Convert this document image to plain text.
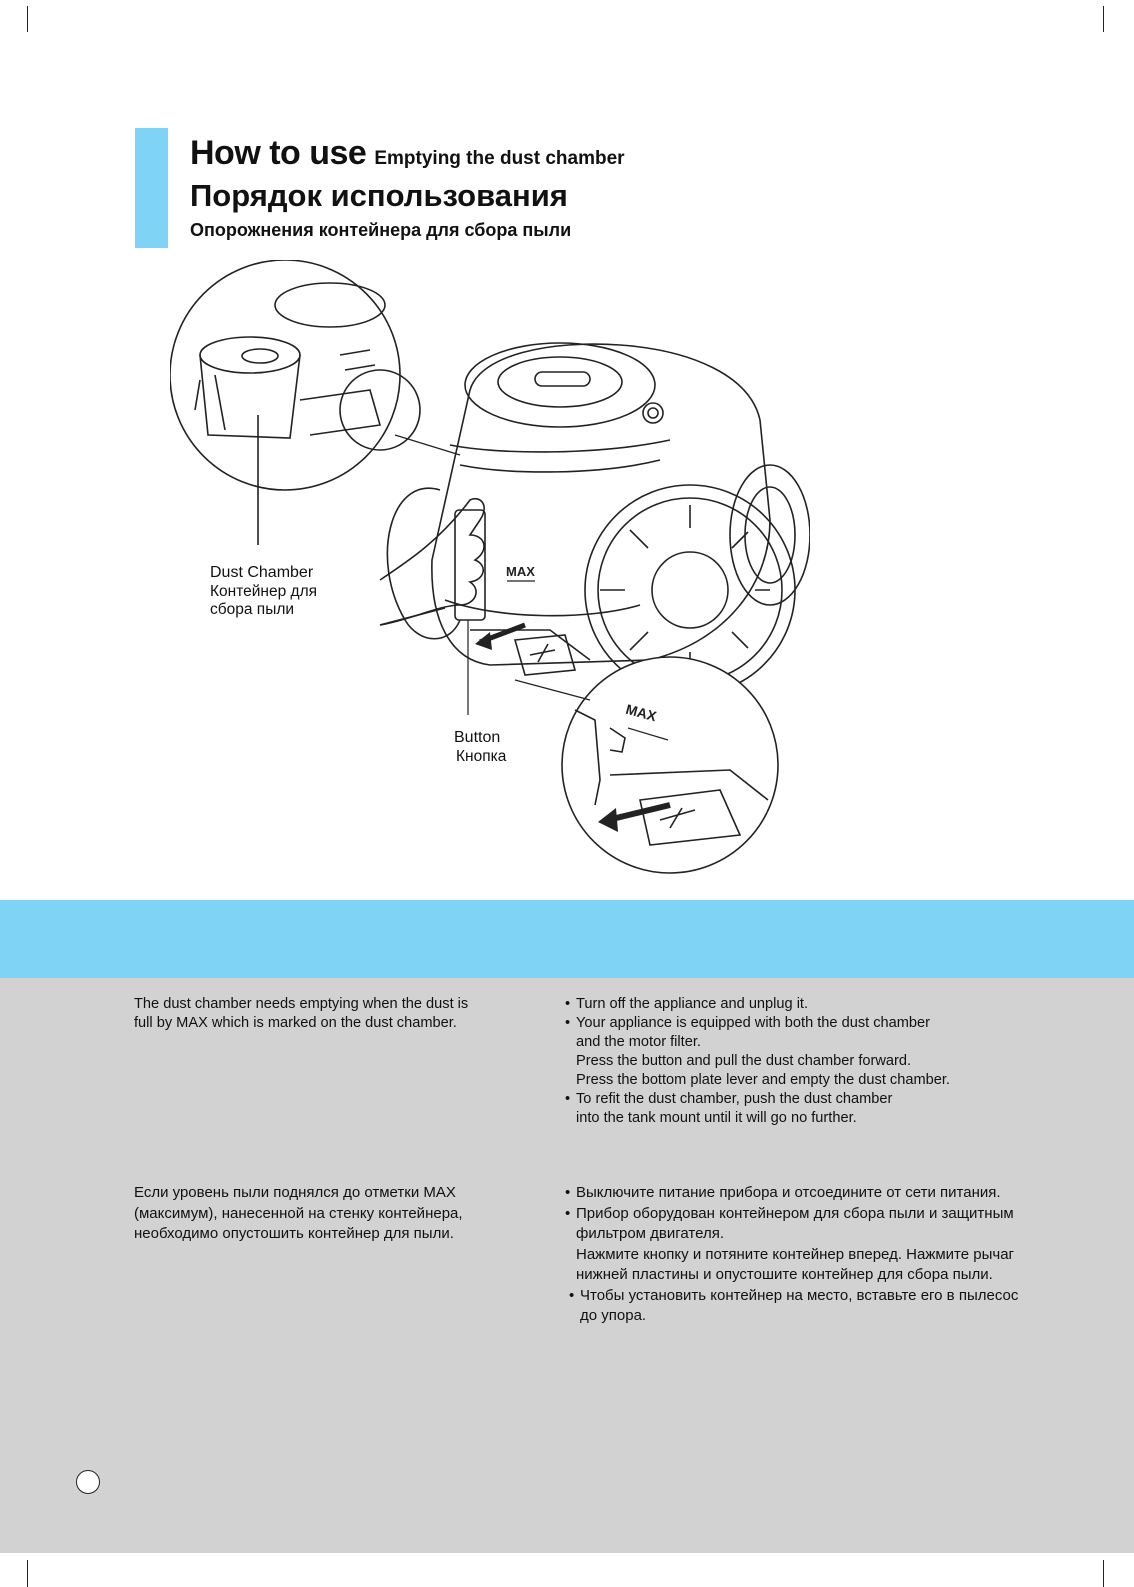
How to use Emptying the dust chamber
Порядок использования
Опорожнения контейнера для сбора пыли
MAX
MAX
Dust Chamber
Контейнер для
сбора пыли
Button
Кнопка

The dust chamber needs emptying when the dust is

full by MAX which is marked on the dust chamber.

• Turn off the appliance and unplug it.

• Your appliance is equipped with both the dust chamber

and the motor filter.

Press the button and pull the dust chamber forward.

Press the bottom plate lever and empty the dust chamber.

• To refit the dust chamber, push the dust chamber

into the tank mount until it will go no further.

Если уровень пыли поднялся до отметки MAX

(максимум), нанесенной на стенку контейнера,

необходимо опустошить контейнер для пыли.

• Выключите питание прибора и отсоедините от сети питания.

• Прибор оборудован контейнером для сбора пыли и защитным

фильтром двигателя.

Нажмите кнопку и потяните контейнер вперед. Нажмите рычаг

нижней пластины и опустошите контейнер для сбора пыли.

• Чтобы установить контейнер на место, вставьте его в пылесос

до упора.
